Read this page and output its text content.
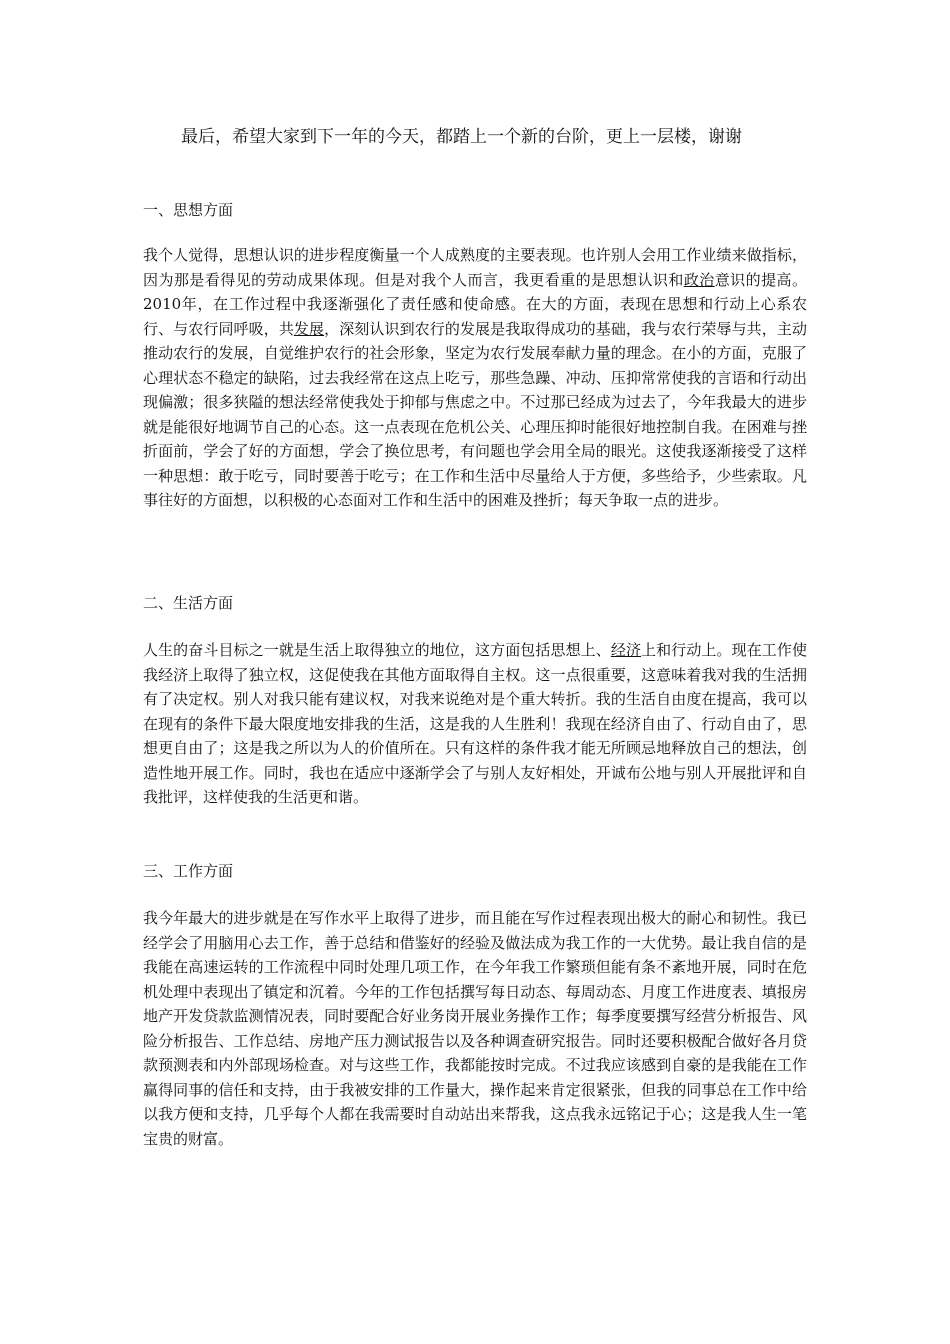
最后，希望大家到下一年的今天，都踏上一个新的台阶，更上一层楼，谢谢
一、思想方面
我个人觉得，思想认识的进步程度衡量一个人成熟度的主要表现。也许别人会用工作业绩来做指标，因为那是看得见的劳动成果体现。但是对我个人而言，我更看重的是思想认识和政治意识的提高。2010年，在工作过程中我逐渐强化了责任感和使命感。在大的方面，表现在思想和行动上心系农行、与农行同呼吸，共发展，深刻认识到农行的发展是我取得成功的基础，我与农行荣辱与共，主动推动农行的发展，自觉维护农行的社会形象，坚定为农行发展奉献力量的理念。在小的方面，克服了心理状态不稳定的缺陷，过去我经常在这点上吃亏，那些急躁、冲动、压抑常常使我的言语和行动出现偏激；很多狭隘的想法经常使我处于抑郁与焦虑之中。不过那已经成为过去了，今年我最大的进步就是能很好地调节自己的心态。这一点表现在危机公关、心理压抑时能很好地控制自我。在困难与挫折面前，学会了好的方面想，学会了换位思考，有问题也学会用全局的眼光。这使我逐渐接受了这样一种思想：敢于吃亏，同时要善于吃亏；在工作和生活中尽量给人于方便，多些给予，少些索取。凡事往好的方面想，以积极的心态面对工作和生活中的困难及挫折；每天争取一点的进步。
二、生活方面
人生的奋斗目标之一就是生活上取得独立的地位，这方面包括思想上、经济上和行动上。现在工作使我经济上取得了独立权，这促使我在其他方面取得自主权。这一点很重要，这意味着我对我的生活拥有了决定权。别人对我只能有建议权，对我来说绝对是个重大转折。我的生活自由度在提高，我可以在现有的条件下最大限度地安排我的生活，这是我的人生胜利！我现在经济自由了、行动自由了，思想更自由了；这是我之所以为人的价值所在。只有这样的条件我才能无所顾忌地释放自己的想法，创造性地开展工作。同时，我也在适应中逐渐学会了与别人友好相处，开诚布公地与别人开展批评和自我批评，这样使我的生活更和谐。
三、工作方面
我今年最大的进步就是在写作水平上取得了进步，而且能在写作过程表现出极大的耐心和韧性。我已经学会了用脑用心去工作，善于总结和借鉴好的经验及做法成为我工作的一大优势。最让我自信的是我能在高速运转的工作流程中同时处理几项工作，在今年我工作繁琐但能有条不紊地开展，同时在危机处理中表现出了镇定和沉着。今年的工作包括撰写每日动态、每周动态、月度工作进度表、填报房地产开发贷款监测情况表，同时要配合好业务岗开展业务操作工作；每季度要撰写经营分析报告、风险分析报告、工作总结、房地产压力测试报告以及各种调查研究报告。同时还要积极配合做好各月贷款预测表和内外部现场检查。对与这些工作，我都能按时完成。不过我应该感到自豪的是我能在工作赢得同事的信任和支持，由于我被安排的工作量大，操作起来肯定很紧张，但我的同事总在工作中给以我方便和支持，几乎每个人都在我需要时自动站出来帮我，这点我永远铭记于心；这是我人生一笔宝贵的财富。
